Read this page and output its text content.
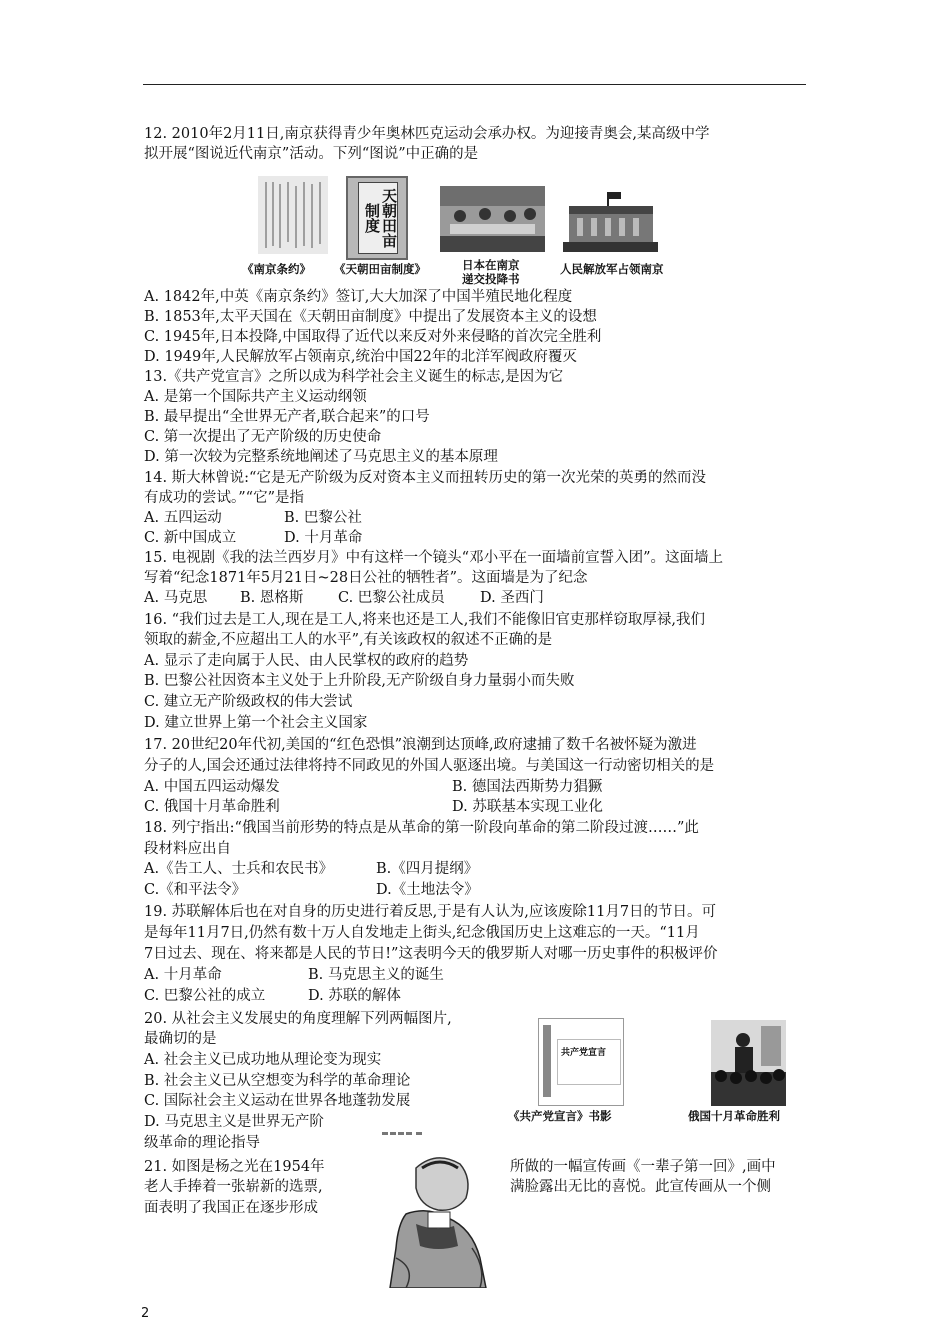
12. 2010年2月11日,南京获得青少年奥林匹克运动会承办权。为迎接青奥会,某高级中学
拟开展“图说近代南京”活动。下列“图说”中正确的是
天朝田亩制度
《南京条约》 《天朝田亩制度》	日本在南京
递交投降书
人民解放军占领南京
A. 1842年,中英《南京条约》签订,大大加深了中国半殖民地化程度
B. 1853年,太平天国在《天朝田亩制度》中提出了发展资本主义的设想
C. 1945年,日本投降,中国取得了近代以来反对外来侵略的首次完全胜利
D. 1949年,人民解放军占领南京,统治中国22年的北洋军阀政府覆灭
13.《共产党宣言》之所以成为科学社会主义诞生的标志,是因为它
A. 是第一个国际共产主义运动纲领
B. 最早提出“全世界无产者,联合起来”的口号
C. 第一次提出了无产阶级的历史使命
D. 第一次较为完整系统地阐述了马克思主义的基本原理
14. 斯大林曾说:“它是无产阶级为反对资本主义而扭转历史的第一次光荣的英勇的然而没
有成功的尝试。”“它”是指
A. 五四运动	B. 巴黎公社
C. 新中国成立	D. 十月革命
15. 电视剧《我的法兰西岁月》中有这样一个镜头“邓小平在一面墙前宣誓入团”。这面墙上
写着“纪念1871年5月21日~28日公社的牺牲者”。这面墙是为了纪念
A. 马克思 B. 恩格斯 C. 巴黎公社成员 D. 圣西门
16. “我们过去是工人,现在是工人,将来也还是工人,我们不能像旧官吏那样窃取厚禄,我们
领取的薪金,不应超出工人的水平”,有关该政权的叙述不正确的是
A. 显示了走向属于人民、由人民掌权的政府的趋势
B. 巴黎公社因资本主义处于上升阶段,无产阶级自身力量弱小而失败
C. 建立无产阶级政权的伟大尝试
D. 建立世界上第一个社会主义国家
17. 20世纪20年代初,美国的“红色恐惧”浪潮到达顶峰,政府逮捕了数千名被怀疑为激进
分子的人,国会还通过法律将持不同政见的外国人驱逐出境。与美国这一行动密切相关的是
A. 中国五四运动爆发	B. 德国法西斯势力猖獗
C. 俄国十月革命胜利	D. 苏联基本实现工业化
18. 列宁指出:“俄国当前形势的特点是从革命的第一阶段向革命的第二阶段过渡……”此
段材料应出自
A.《告工人、士兵和农民书》	B.《四月提纲》
C.《和平法令》	D.《土地法令》
19. 苏联解体后也在对自身的历史进行着反思,于是有人认为,应该废除11月7日的节日。可
是每年11月7日,仍然有数十万人自发地走上街头,纪念俄国历史上这难忘的一天。“11月
7日过去、现在、将来都是人民的节日!”这表明今天的俄罗斯人对哪一历史事件的积极评价
A. 十月革命	B. 马克思主义的诞生
C. 巴黎公社的成立	D. 苏联的解体
20. 从社会主义发展史的角度理解下列两幅图片,
最确切的是
A. 社会主义已成功地从理论变为现实
B. 社会主义已从空想变为科学的革命理论
C. 国际社会主义运动在世界各地蓬勃发展
D. 马克思主义是世界无产阶
级革命的理论指导
共产党宣言
《共产党宣言》书影	俄国十月革命胜利
21. 如图是杨之光在1954年	所做的一幅宣传画《一辈子第一回》,画中
老人手捧着一张崭新的选票,	满脸露出无比的喜悦。此宣传画从一个侧
面表明了我国正在逐步形成
2
